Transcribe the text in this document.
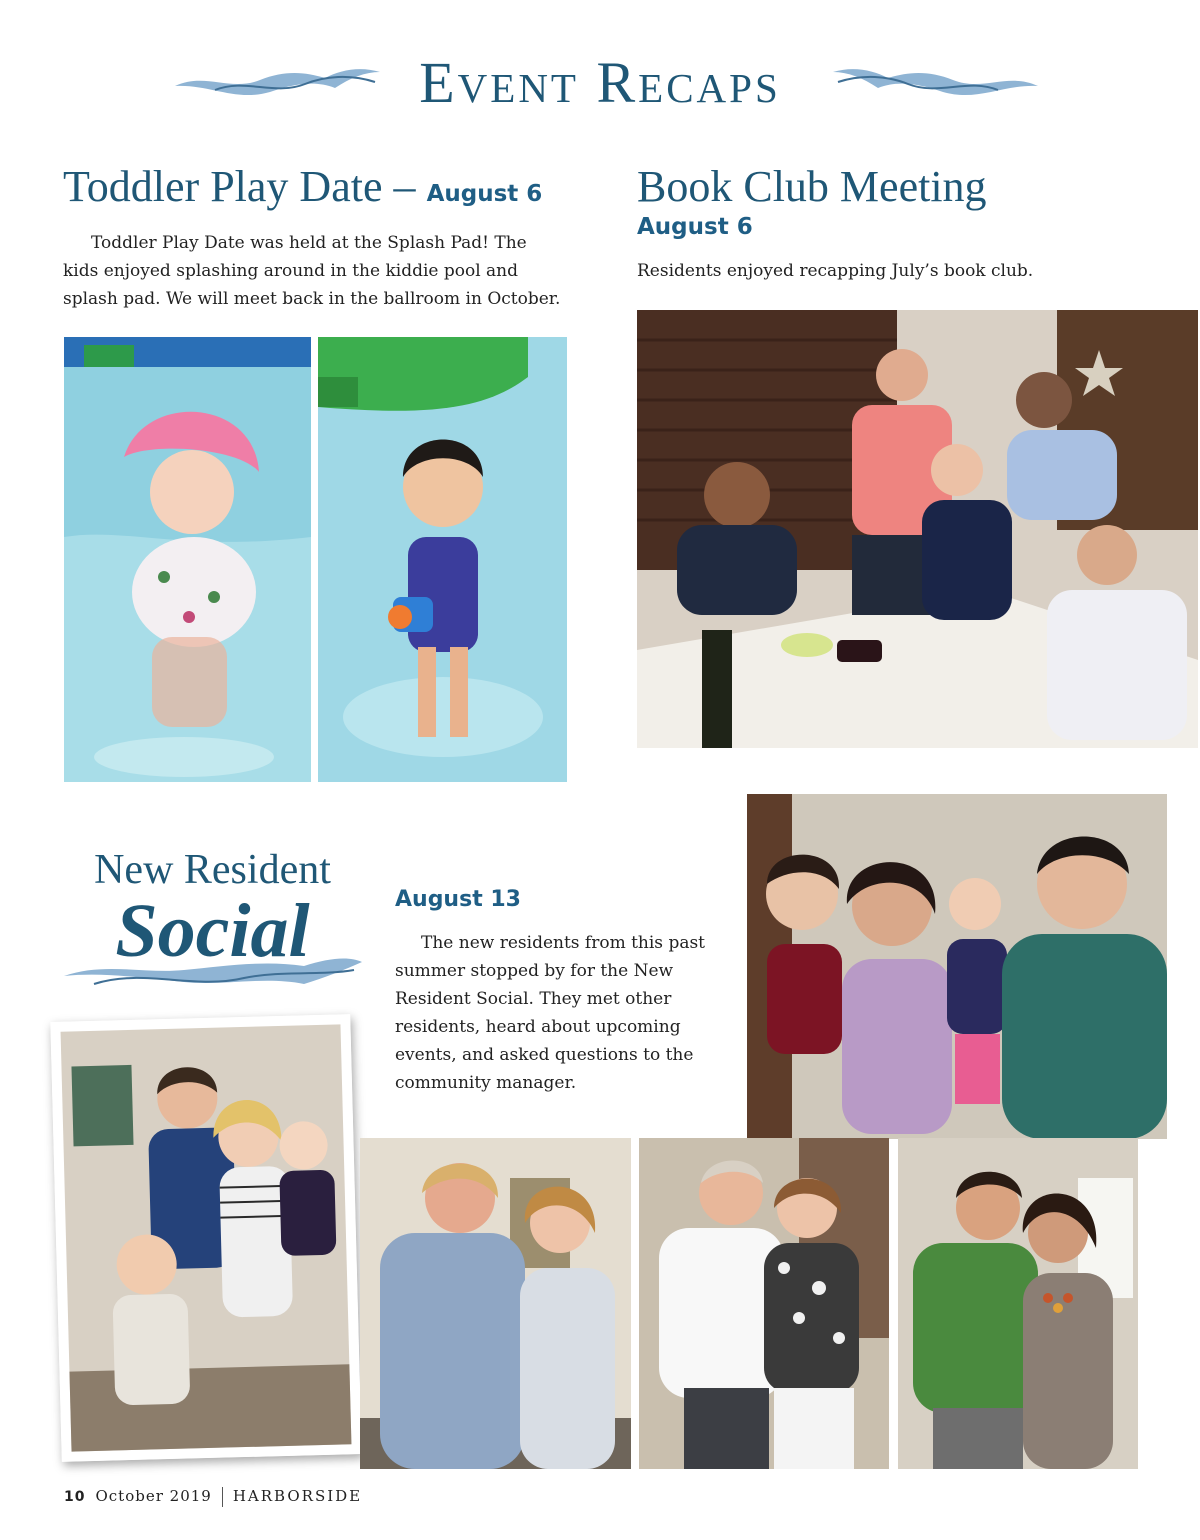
Event Recaps
Toddler Play Date – August 6
Toddler Play Date was held at the Splash Pad! The kids enjoyed splashing around in the kiddie pool and splash pad. We will meet back in the ballroom in October.
Book Club Meeting
August 6
Residents enjoyed recapping July’s book club.
New Resident
Social	August 13
The new residents from this past summer stopped by for the New Resident Social. They met other residents, heard about upcoming events, and asked questions to the community manager.
10 October 2019 HARBORSIDE
